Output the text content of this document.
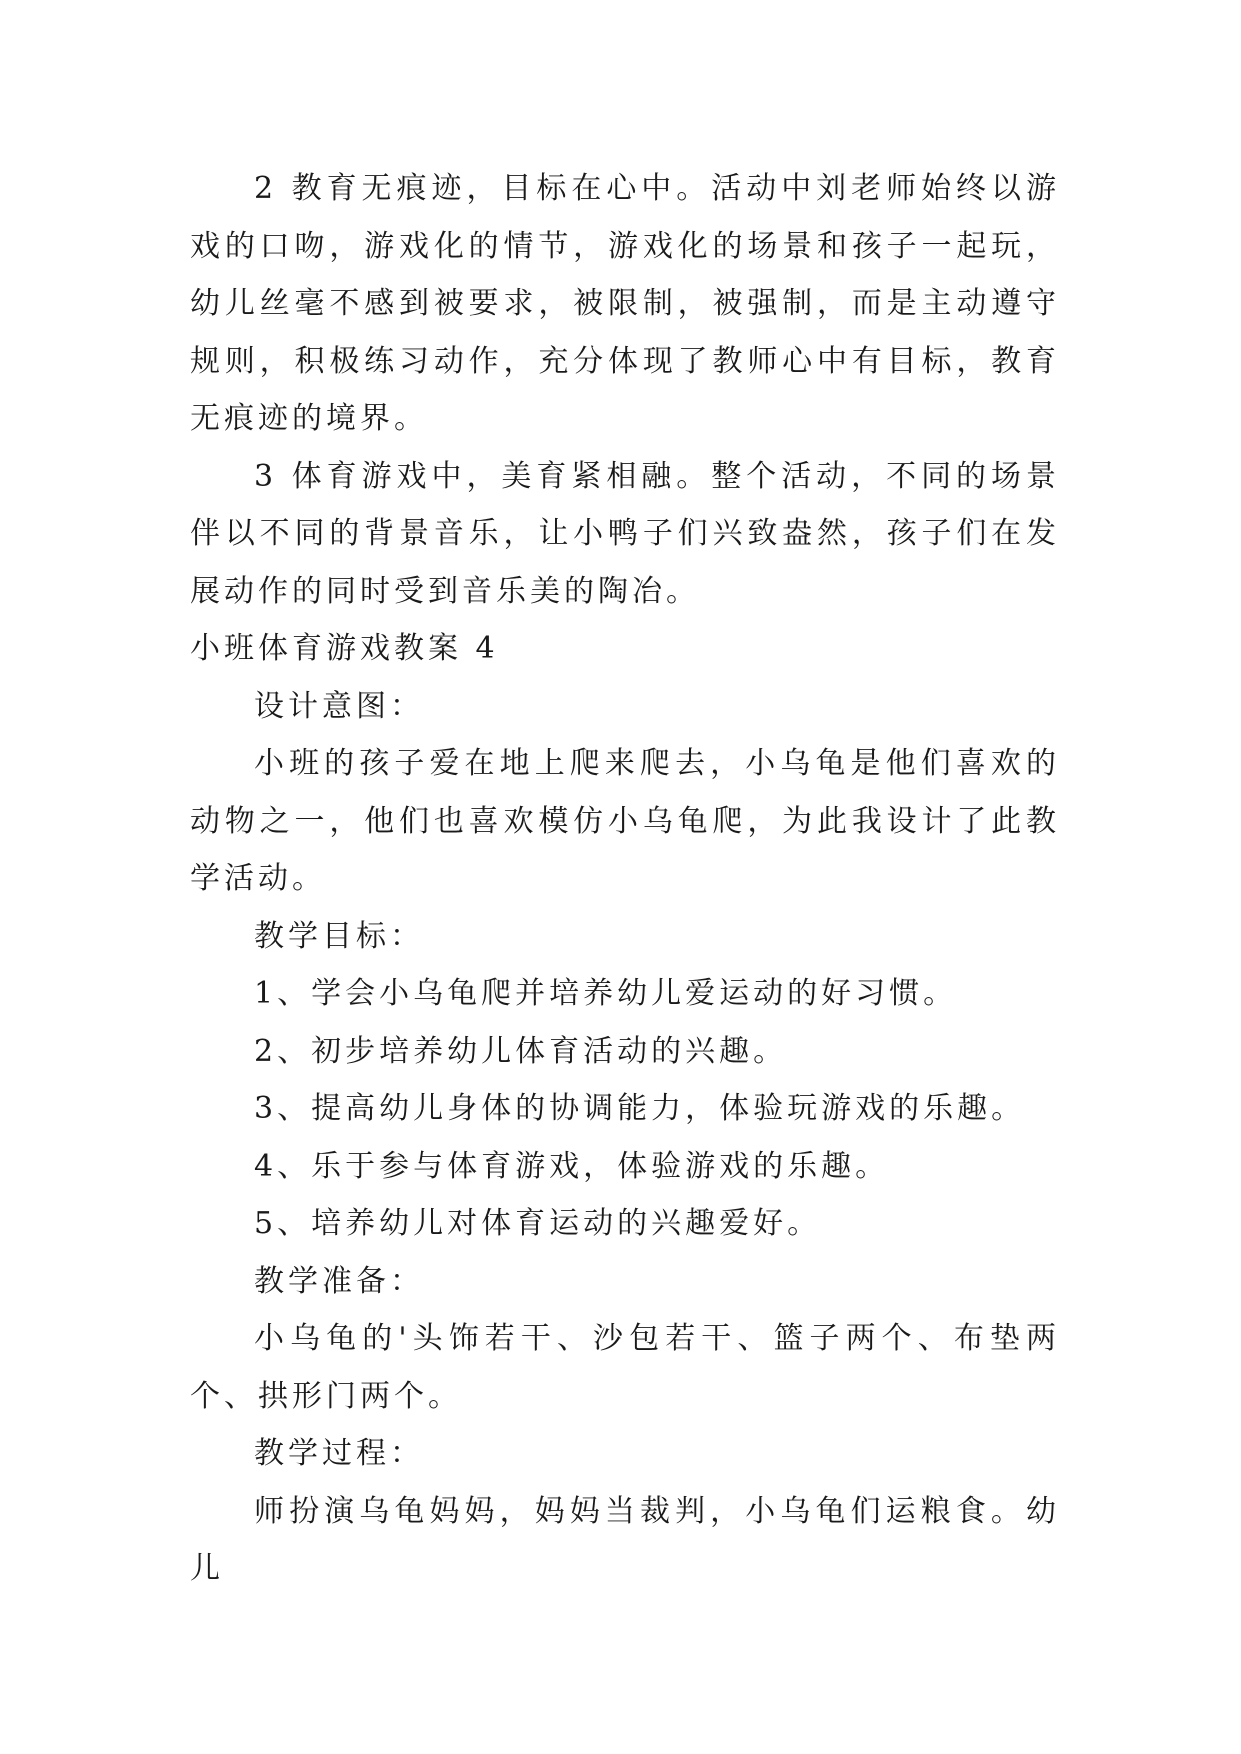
2 教育无痕迹，目标在心中。活动中刘老师始终以游戏的口吻，游戏化的情节，游戏化的场景和孩子一起玩，幼儿丝毫不感到被要求，被限制，被强制，而是主动遵守规则，积极练习动作，充分体现了教师心中有目标，教育无痕迹的境界。

3 体育游戏中，美育紧相融。整个活动，不同的场景伴以不同的背景音乐，让小鸭子们兴致盎然，孩子们在发展动作的同时受到音乐美的陶冶。

小班体育游戏教案 4

设计意图：

小班的孩子爱在地上爬来爬去，小乌龟是他们喜欢的动物之一，他们也喜欢模仿小乌龟爬，为此我设计了此教学活动。

教学目标：

1、学会小乌龟爬并培养幼儿爱运动的好习惯。

2、初步培养幼儿体育活动的兴趣。

3、提高幼儿身体的协调能力，体验玩游戏的乐趣。

4、乐于参与体育游戏，体验游戏的乐趣。

5、培养幼儿对体育运动的兴趣爱好。

教学准备：

小乌龟的'头饰若干、沙包若干、篮子两个、布垫两个、拱形门两个。

教学过程：

师扮演乌龟妈妈，妈妈当裁判，小乌龟们运粮食。幼儿
